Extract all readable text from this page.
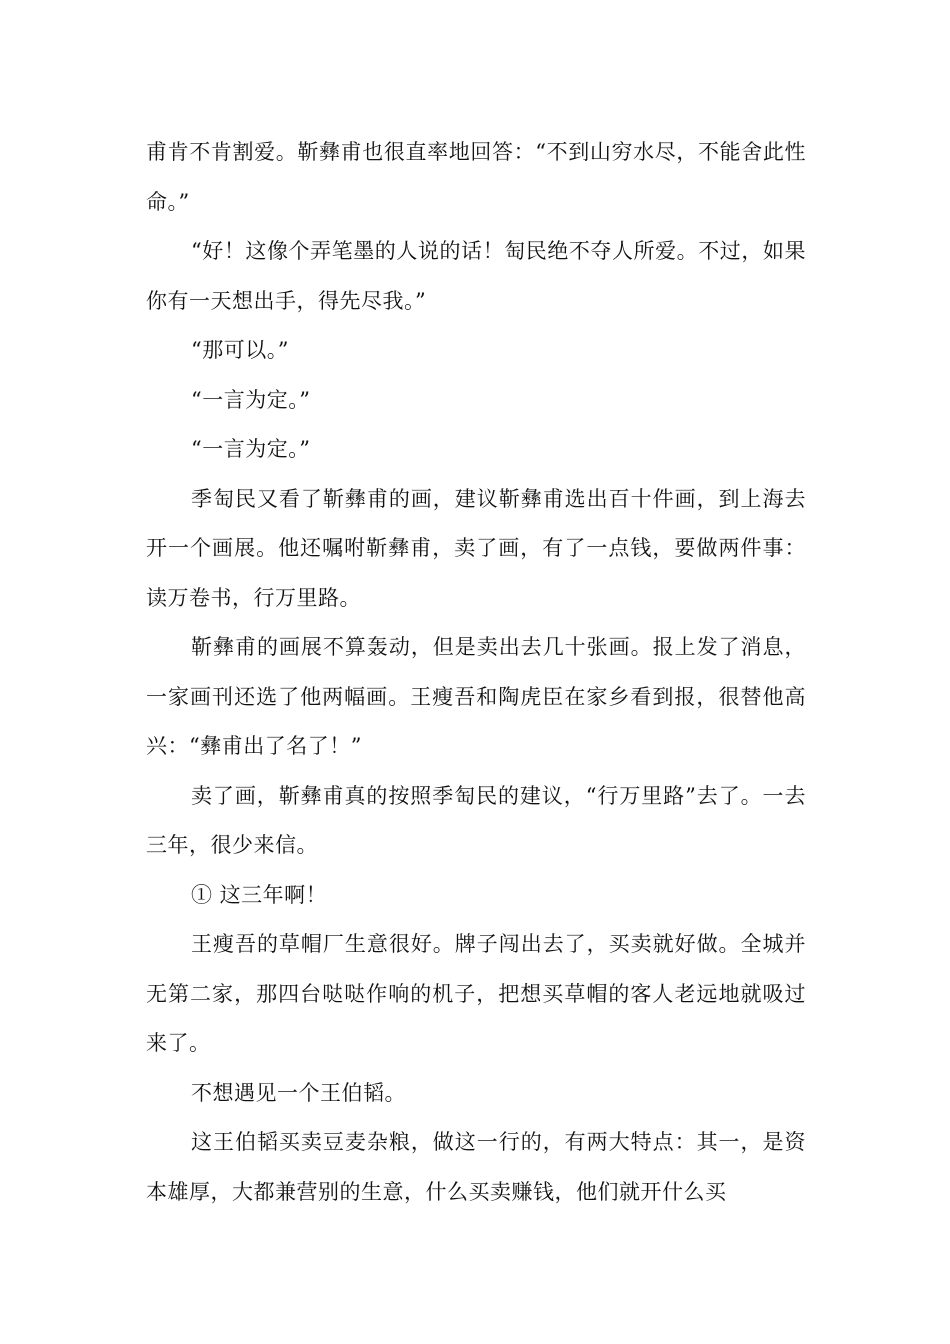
甫肯不肯割爱。靳彝甫也很直率地回答：“不到山穷水尽，不能舍此性命。”

“好！这像个弄笔墨的人说的话！匋民绝不夺人所爱。不过，如果你有一天想出手，得先尽我。”

“那可以。”

“一言为定。”

“一言为定。”

季匋民又看了靳彝甫的画，建议靳彝甫选出百十件画，到上海去开一个画展。他还嘱咐靳彝甫，卖了画，有了一点钱，要做两件事：读万卷书，行万里路。

靳彝甫的画展不算轰动，但是卖出去几十张画。报上发了消息，一家画刊还选了他两幅画。王瘦吾和陶虎臣在家乡看到报，很替他高兴：“彝甫出了名了！”

卖了画，靳彝甫真的按照季匋民的建议，“行万里路”去了。一去三年，很少来信。

① 这三年啊！

王瘦吾的草帽厂生意很好。牌子闯出去了，买卖就好做。全城并无第二家，那四台哒哒作响的机子，把想买草帽的客人老远地就吸过来了。

不想遇见一个王伯韬。

这王伯韬买卖豆麦杂粮，做这一行的，有两大特点：其一，是资本雄厚，大都兼营别的生意，什么买卖赚钱，他们就开什么买
